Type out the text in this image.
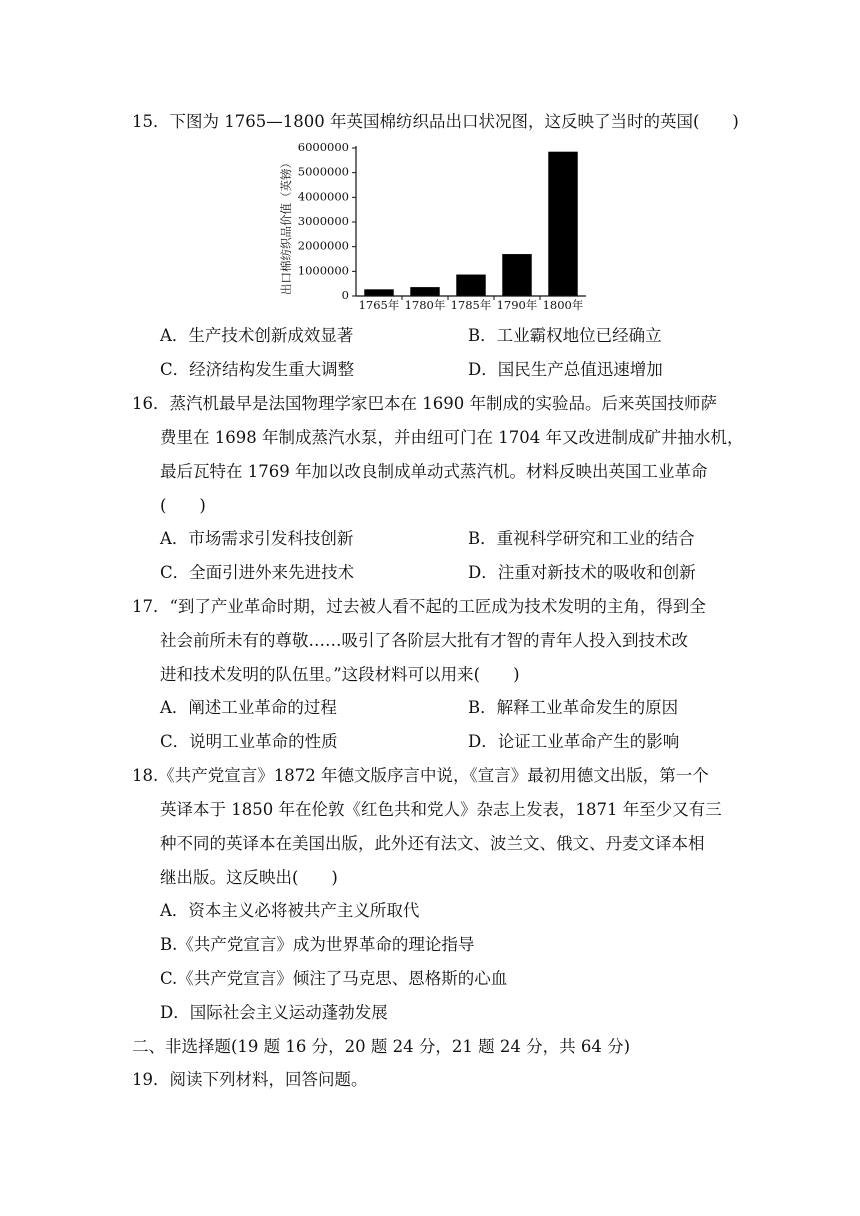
15．下图为 1765—1800 年英国棉纺织品出口状况图，这反映了当时的英国(　　)
出口棉纺织品价值（英镑）	0
1000000
2000000
3000000
4000000
5000000
6000000
1765年 1780年 1785年 1790年 1800年
A．生产技术创新成效显著	B．工业霸权地位已经确立
C．经济结构发生重大调整	D．国民生产总值迅速增加
16．蒸汽机最早是法国物理学家巴本在 1690 年制成的实验品。后来英国技师萨
费里在 1698 年制成蒸汽水泵，并由纽可门在 1704 年又改进制成矿井抽水机，
最后瓦特在 1769 年加以改良制成单动式蒸汽机。材料反映出英国工业革命
(　　)
A．市场需求引发科技创新	B．重视科学研究和工业的结合
C．全面引进外来先进技术	D．注重对新技术的吸收和创新
17．“到了产业革命时期，过去被人看不起的工匠成为技术发明的主角，得到全
社会前所未有的尊敬……吸引了各阶层大批有才智的青年人投入到技术改
进和技术发明的队伍里。”这段材料可以用来(　　)
A．阐述工业革命的过程	B．解释工业革命发生的原因
C．说明工业革命的性质	D．论证工业革命产生的影响
18.《共产党宣言》1872 年德文版序言中说，《宣言》最初用德文出版，第一个
英译本于 1850 年在伦敦《红色共和党人》杂志上发表，1871 年至少又有三
种不同的英译本在美国出版，此外还有法文、波兰文、俄文、丹麦文译本相
继出版。这反映出(　　)
A．资本主义必将被共产主义所取代
B.《共产党宣言》成为世界革命的理论指导
C.《共产党宣言》倾注了马克思、恩格斯的心血
D．国际社会主义运动蓬勃发展
二、非选择题(19 题 16 分，20 题 24 分，21 题 24 分，共 64 分)
19．阅读下列材料，回答问题。
